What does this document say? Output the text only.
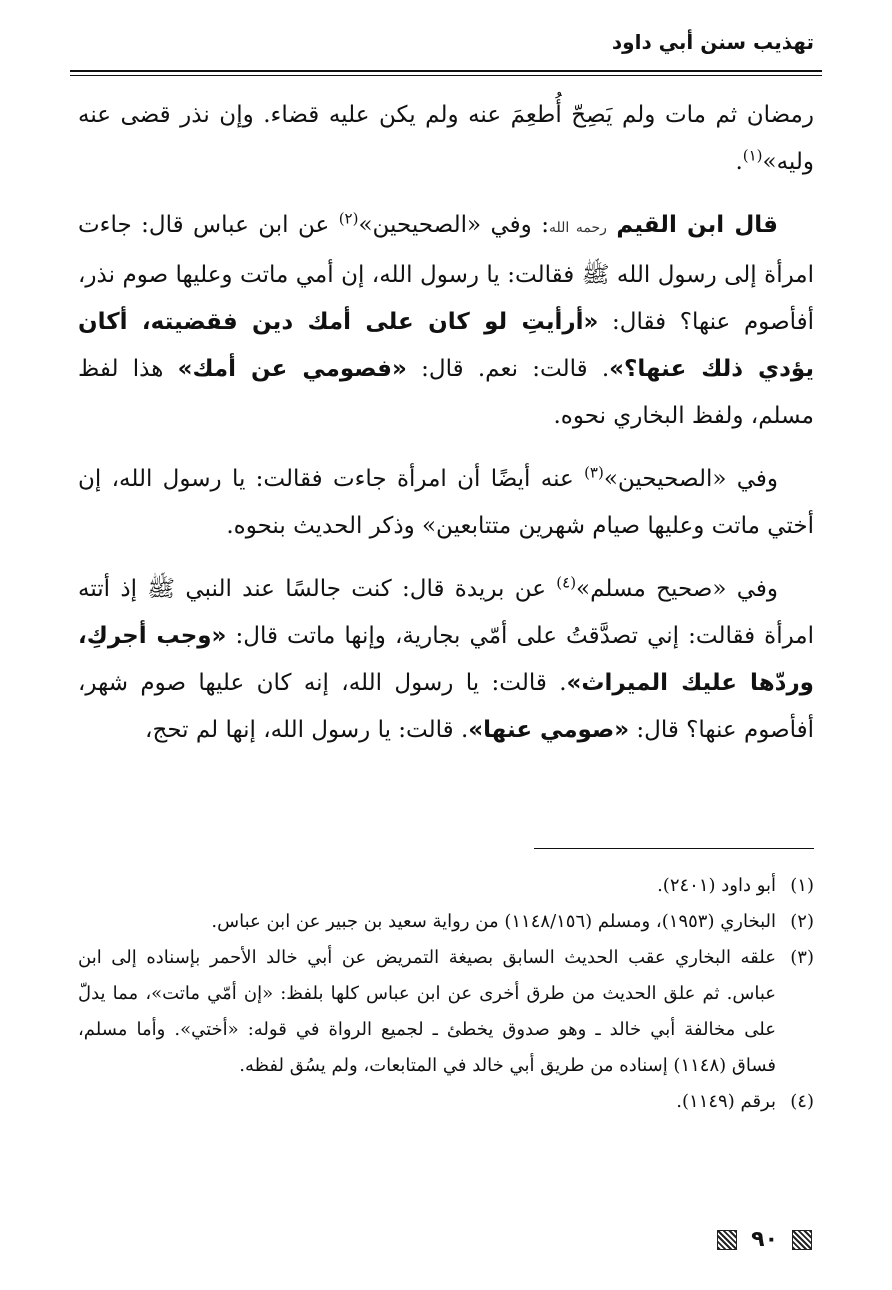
تهذيب سنن أبي داود

رمضان ثم مات ولم يَصِحّ أُطعِمَ عنه ولم يكن عليه قضاء. وإن نذر قضى عنه وليه»$^{(١)}$.

قال ابن القيم رحمه الله: وفي «الصحيحين»$^{(٢)}$ عن ابن عباس قال: جاءت امرأة إلى رسول الله ﷺ فقالت: يا رسول الله، إن أمي ماتت وعليها صوم نذر، أفأصوم عنها؟ فقال: «أرأيتِ لو كان على أمك دين فقضيته، أكان يؤدي ذلك عنها؟». قالت: نعم. قال: «فصومي عن أمك» هذا لفظ مسلم، ولفظ البخاري نحوه.

وفي «الصحيحين»$^{(٣)}$ عنه أيضًا أن امرأة جاءت فقالت: يا رسول الله، إن أختي ماتت وعليها صيام شهرين متتابعين» وذكر الحديث بنحوه.

وفي «صحيح مسلم»$^{(٤)}$ عن بريدة قال: كنت جالسًا عند النبي ﷺ إذ أتته امرأة فقالت: إني تصدَّقتُ على أمّي بجارية، وإنها ماتت قال: «وجب أجركِ، وردّها عليك الميراث». قالت: يا رسول الله، إنه كان عليها صوم شهر، أفأصوم عنها؟ قال: «صومي عنها». قالت: يا رسول الله، إنها لم تحج،

(١)
أبو داود (٢٤٠١).
(٢)
البخاري (١٩٥٣)، ومسلم (١١٤٨/١٥٦) من رواية سعيد بن جبير عن ابن عباس.
(٣)
علقه البخاري عقب الحديث السابق بصيغة التمريض عن أبي خالد الأحمر بإسناده إلى ابن عباس. ثم علق الحديث من طرق أخرى عن ابن عباس كلها بلفظ: «إن أمّي ماتت»، مما يدلّ على مخالفة أبي خالد ـ وهو صدوق يخطئ ـ لجميع الرواة في قوله: «أختي». وأما مسلم، فساق (١١٤٨) إسناده من طريق أبي خالد في المتابعات، ولم يسُق لفظه.
(٤)
برقم (١١٤٩).
٩٠
